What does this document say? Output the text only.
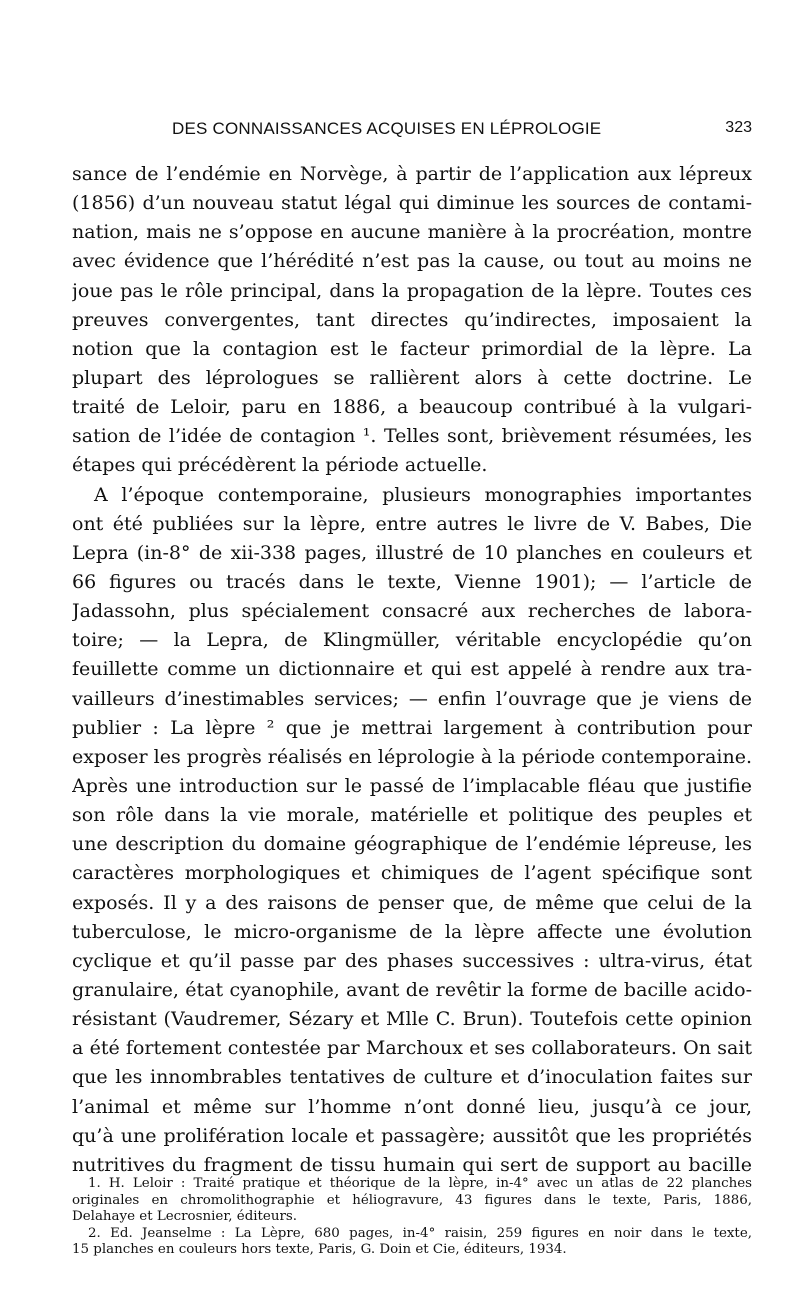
DES CONNAISSANCES ACQUISES EN LÉPROLOGIE	323
sance de l’endémie en Norvège, à partir de l’application aux lépreux
(1856) d’un nouveau statut légal qui diminue les sources de contami-
nation, mais ne s’oppose en aucune manière à la procréation, montre
avec évidence que l’hérédité n’est pas la cause, ou tout au moins ne
joue pas le rôle principal, dans la propagation de la lèpre. Toutes ces
preuves convergentes, tant directes qu’indirectes, imposaient la
notion que la contagion est le facteur primordial de la lèpre. La
plupart des léprologues se rallièrent alors à cette doctrine. Le
traité de Leloir, paru en 1886, a beaucoup contribué à la vulgari-
sation de l’idée de contagion ¹. Telles sont, brièvement résumées, les
étapes qui précédèrent la période actuelle.
A l’époque contemporaine, plusieurs monographies importantes
ont été publiées sur la lèpre, entre autres le livre de V. Babes, Die
Lepra (in-8° de xii-338 pages, illustré de 10 planches en couleurs et
66 figures ou tracés dans le texte, Vienne 1901); — l’article de
Jadassohn, plus spécialement consacré aux recherches de labora-
toire; — la Lepra, de Klingmüller, véritable encyclopédie qu’on
feuillette comme un dictionnaire et qui est appelé à rendre aux tra-
vailleurs d’inestimables services; — enfin l’ouvrage que je viens de
publier : La lèpre ² que je mettrai largement à contribution pour
exposer les progrès réalisés en léprologie à la période contemporaine.
Après une introduction sur le passé de l’implacable fléau que justifie
son rôle dans la vie morale, matérielle et politique des peuples et
une description du domaine géographique de l’endémie lépreuse, les
caractères morphologiques et chimiques de l’agent spécifique sont
exposés. Il y a des raisons de penser que, de même que celui de la
tuberculose, le micro-organisme de la lèpre affecte une évolution
cyclique et qu’il passe par des phases successives : ultra-virus, état
granulaire, état cyanophile, avant de revêtir la forme de bacille acido-
résistant (Vaudremer, Sézary et Mlle C. Brun). Toutefois cette opinion
a été fortement contestée par Marchoux et ses collaborateurs. On sait
que les innombrables tentatives de culture et d’inoculation faites sur
l’animal et même sur l’homme n’ont donné lieu, jusqu’à ce jour,
qu’à une prolifération locale et passagère; aussitôt que les propriétés
nutritives du fragment de tissu humain qui sert de support au bacille
1. H. Leloir : Traité pratique et théorique de la lèpre, in-4° avec un atlas de 22 planches
originales en chromolithographie et héliogravure, 43 figures dans le texte, Paris, 1886,
Delahaye et Lecrosnier, éditeurs.
2. Ed. Jeanselme : La Lèpre, 680 pages, in-4° raisin, 259 figures en noir dans le texte,
15 planches en couleurs hors texte, Paris, G. Doin et Cie, éditeurs, 1934.
